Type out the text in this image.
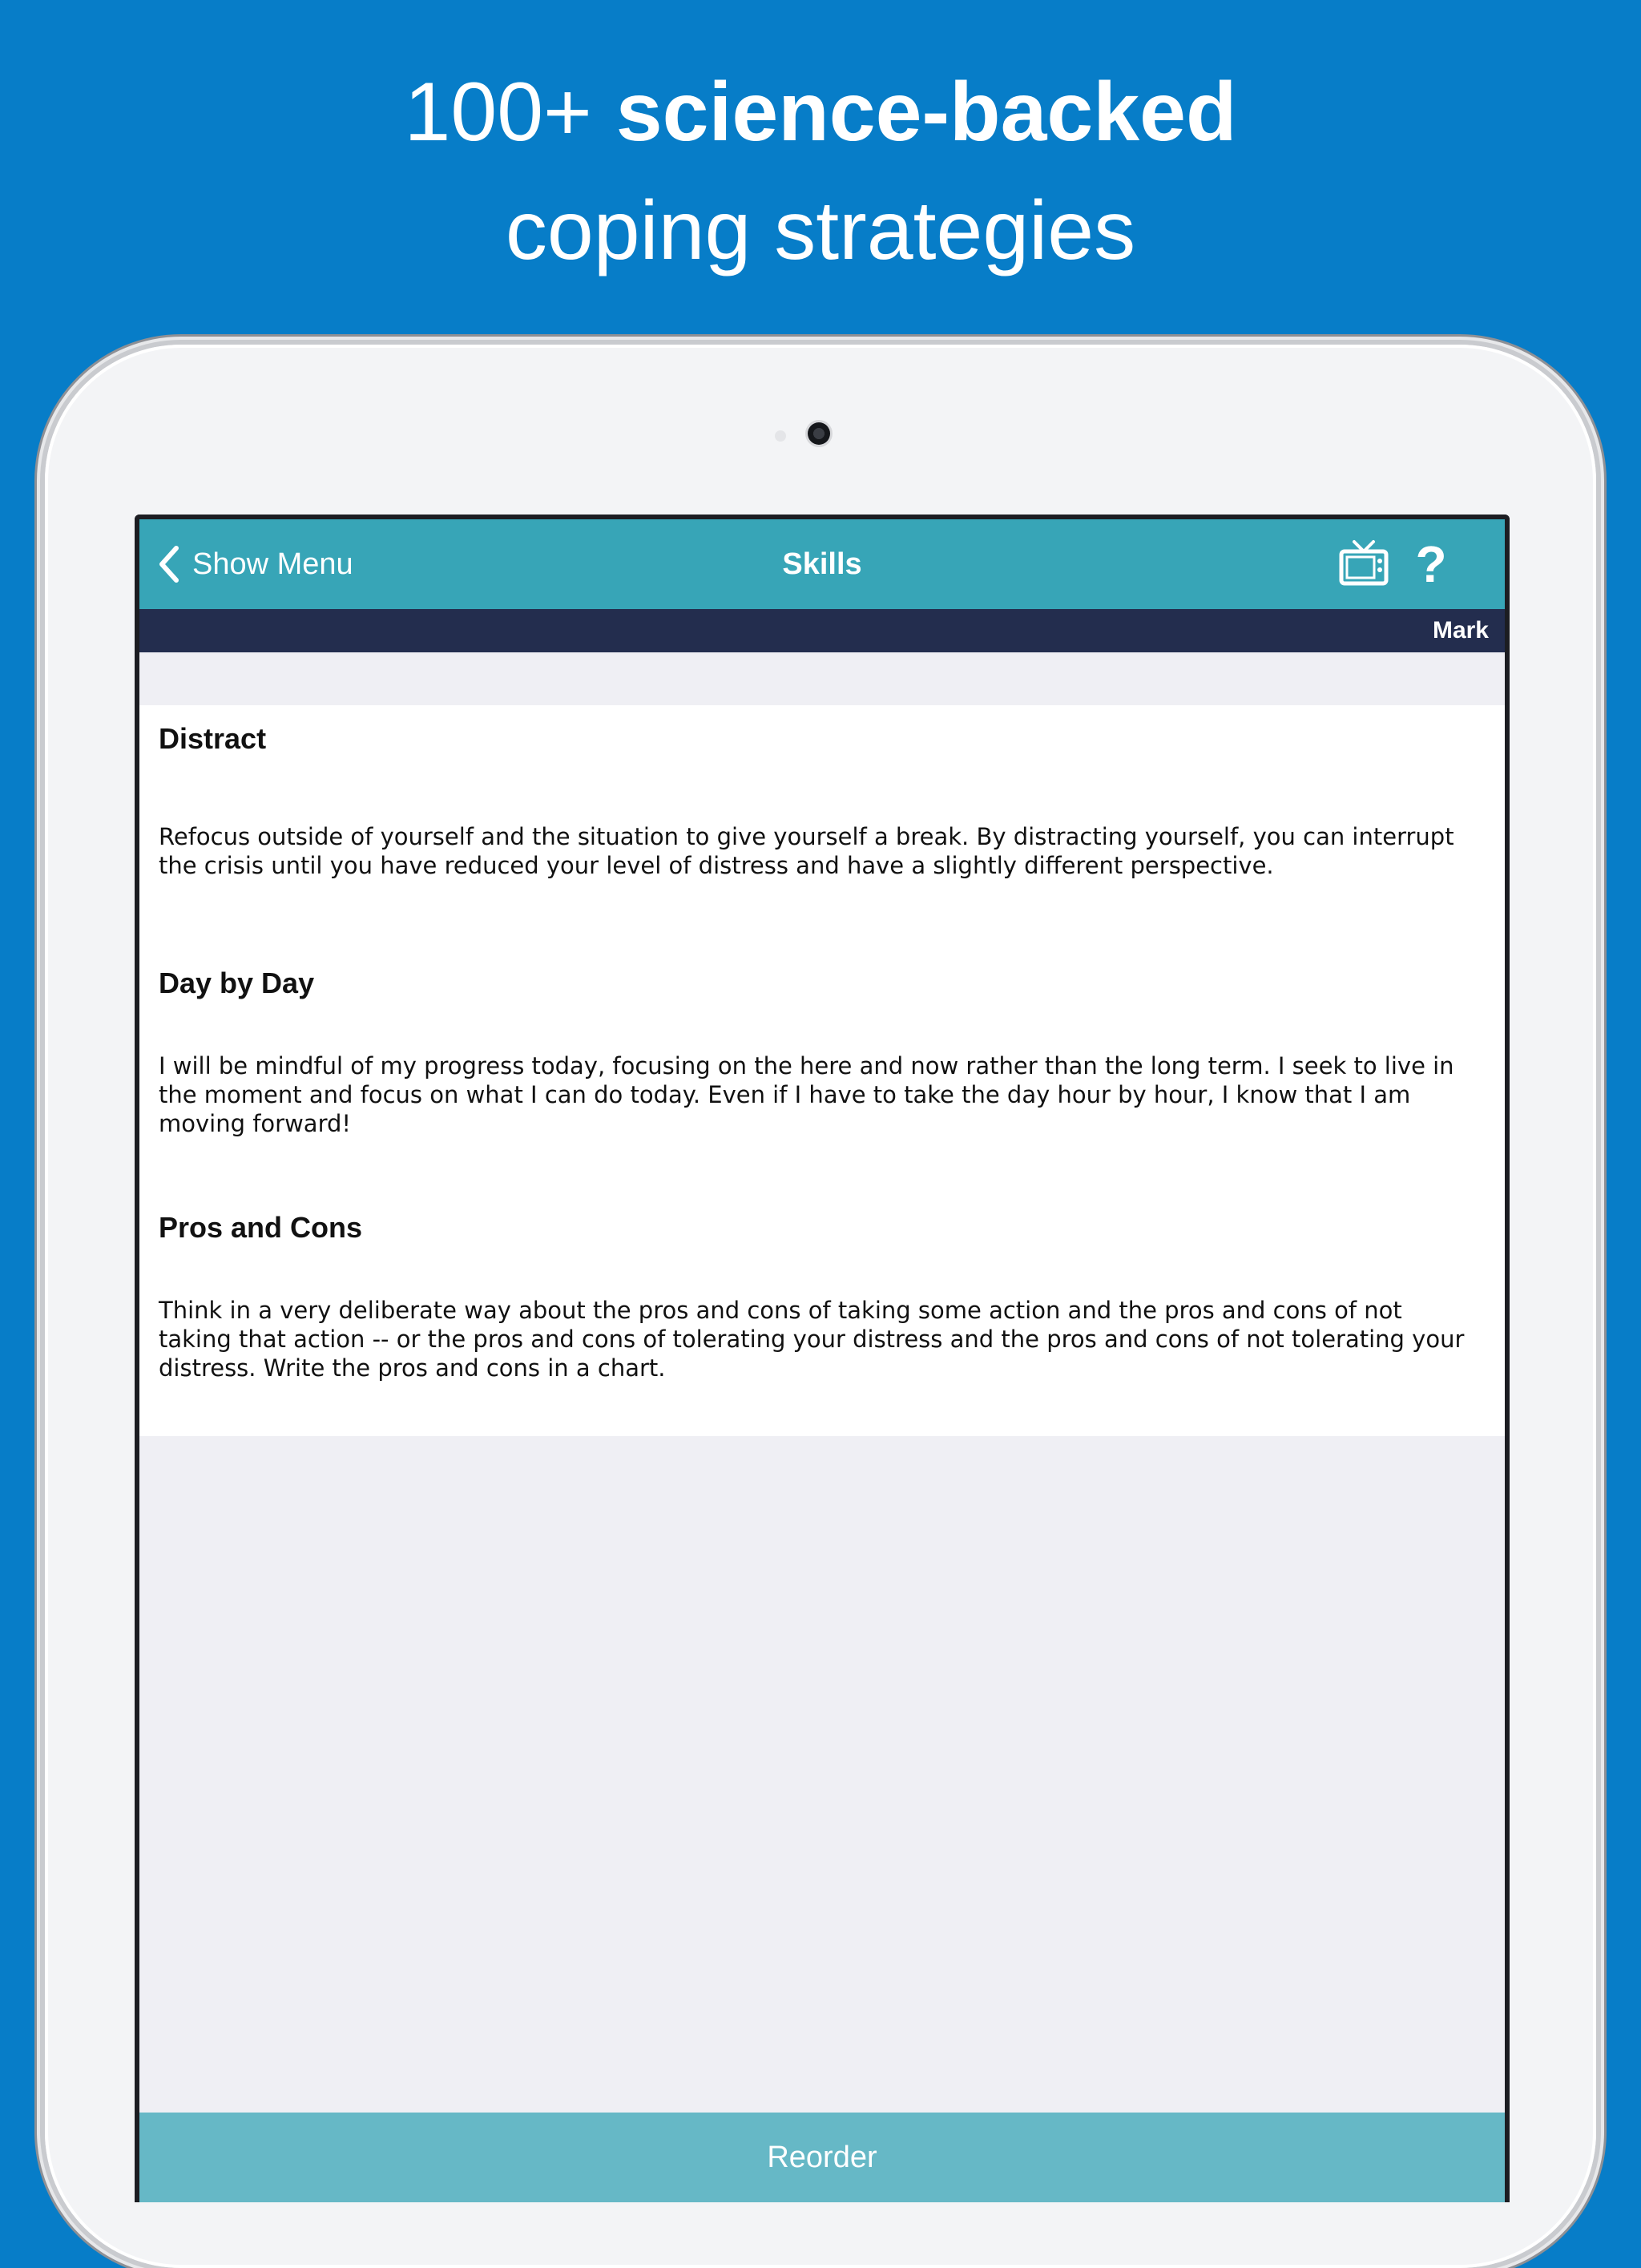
100+ science-backed
coping strategies
Show Menu	Skills	?
Mark
Distract

Refocus outside of yourself and the situation to give yourself a break. By distracting yourself, you can interrupt the crisis until you have reduced your level of distress and have a slightly different perspective.

Day by Day

I will be mindful of my progress today, focusing on the here and now rather than the long term. I seek to live in the moment and focus on what I can do today. Even if I have to take the day hour by hour, I know that I am moving forward!

Pros and Cons

Think in a very deliberate way about the pros and cons of taking some action and the pros and cons of not taking that action -- or the pros and cons of tolerating your distress and the pros and cons of not tolerating your distress. Write the pros and cons in a chart.

Reorder
